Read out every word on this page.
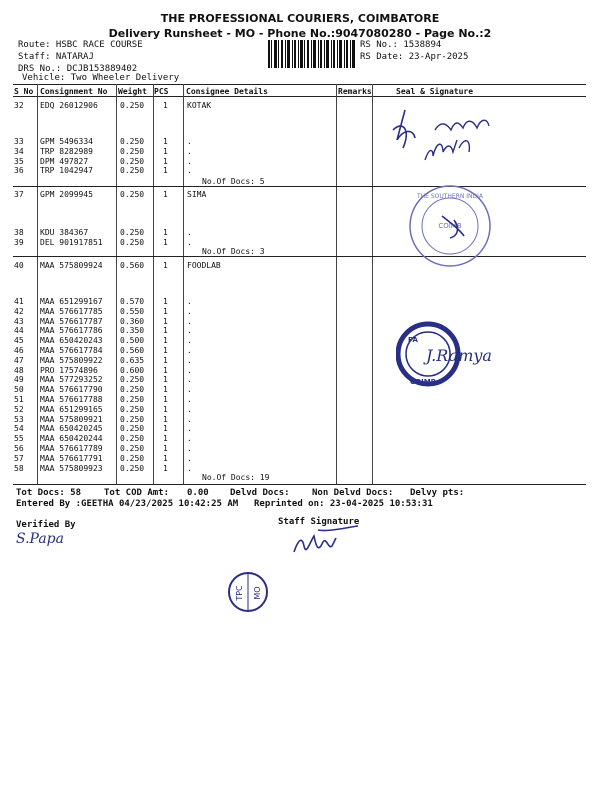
THE PROFESSIONAL COURIERS, COIMBATORE
Delivery Runsheet - MO - Phone No.:9047080280 - Page No.:2
Route: HSBC RACE COURSE
Staff: NATARAJ
DRS No.: DCJB153889402
Vehicle: Two Wheeler Delivery
RS No.: 1538894
RS Date: 23-Apr-2025
S No Consignment No Weight PCS Consignee Details	Remarks	Seal & Signature
32 EDQ 26012906	0.250 1 KOTAK
33 GPM 5496334	0.250 1 .
34 TRP 8282989	0.250 1 .
35 DPM 497827	0.250 1 .
36 TRP 1042947	0.250 1 .
No.Of Docs: 5
37 GPM 2099945	0.250 1 SIMA
38 KDU 384367	0.250 1 .
39 DEL 901917851 0.250 1 .
No.Of Docs: 3
40 MAA 575809924 0.560 1 FOODLAB
41 MAA 651299167 0.570 1 .
42 MAA 576617785 0.550 1 .
43 MAA 576617787 0.360 1 .
44 MAA 576617786 0.350 1 .
45 MAA 650420243 0.500 1 .
46 MAA 576617784 0.560 1 .
47 MAA 575809922 0.635 1 .
48 PRO 17574896	0.600 1 .
49 MAA 577293252 0.250 1 .
50 MAA 576617790 0.250 1 .
51 MAA 576617788 0.250 1 .
52 MAA 651299165 0.250 1 .
53 MAA 575809921 0.250 1 .
54 MAA 650420245 0.250 1 .
55 MAA 650420244 0.250 1 .
56 MAA 576617789 0.250 1 .
57 MAA 576617791 0.250 1 .
58 MAA 575809923 0.250 1 .
No.Of Docs: 19
Tot Docs: 58	Tot COD Amt: 0.00 Delvd Docs: Non Delvd Docs: Delvy pts:
Entered By :GEETHA 04/23/2025 10:42:25 AM Reprinted on: 23-04-2025 10:53:31
Verified By	Staff Signature
S.Papa
THE SOUTHERN INDIA
COIMB
PA
COIMB
J.Ramya
TPC MO
